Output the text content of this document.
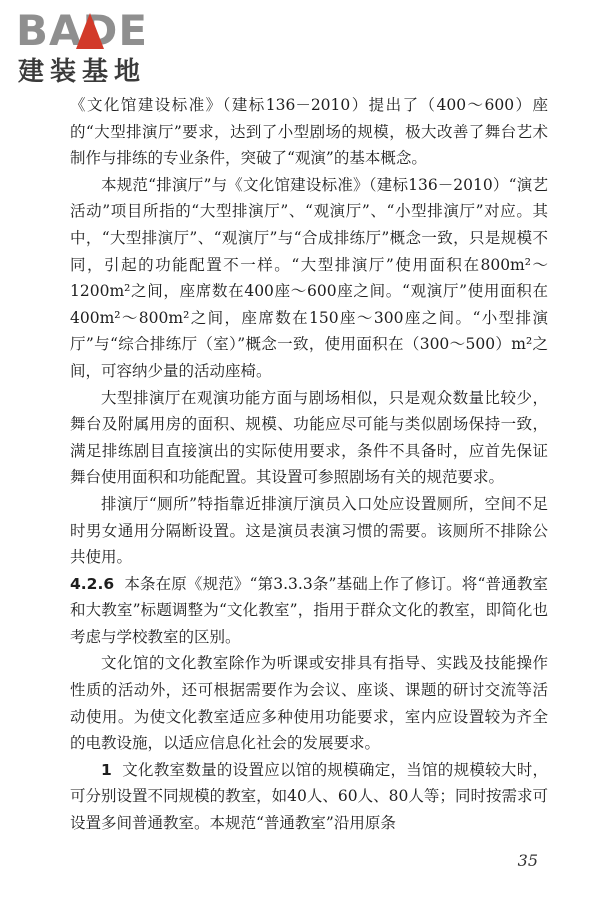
BADE
建装基地

《文化馆建设标准》（建标136－2010）提出了（400～600）座的“大型排演厅”要求，达到了小型剧场的规模，极大改善了舞台艺术制作与排练的专业条件，突破了“观演”的基本概念。

本规范“排演厅”与《文化馆建设标准》（建标136－2010）“演艺活动”项目所指的“大型排演厅”、“观演厅”、“小型排演厅”对应。其中，“大型排演厅”、“观演厅”与“合成排练厅”概念一致，只是规模不同，引起的功能配置不一样。“大型排演厅”使用面积在800m²～1200m²之间，座席数在400座～600座之间。“观演厅”使用面积在400m²～800m²之间，座席数在150座～300座之间。“小型排演厅”与“综合排练厅（室）”概念一致，使用面积在（300～500）m²之间，可容纳少量的活动座椅。

大型排演厅在观演功能方面与剧场相似，只是观众数量比较少，舞台及附属用房的面积、规模、功能应尽可能与类似剧场保持一致，满足排练剧目直接演出的实际使用要求，条件不具备时，应首先保证舞台使用面积和功能配置。其设置可参照剧场有关的规范要求。

排演厅“厕所”特指靠近排演厅演员入口处应设置厕所，空间不足时男女通用分隔断设置。这是演员表演习惯的需要。该厕所不排除公共使用。

4.2.6 本条在原《规范》“第3.3.3条”基础上作了修订。将“普通教室和大教室”标题调整为“文化教室”，指用于群众文化的教室，即简化也考虑与学校教室的区别。

文化馆的文化教室除作为听课或安排具有指导、实践及技能操作性质的活动外，还可根据需要作为会议、座谈、课题的研讨交流等活动使用。为使文化教室适应多种使用功能要求，室内应设置较为齐全的电教设施，以适应信息化社会的发展要求。

1 文化教室数量的设置应以馆的规模确定，当馆的规模较大时，可分别设置不同规模的教室，如40人、60人、80人等；同时按需求可设置多间普通教室。本规范“普通教室”沿用原条

35
